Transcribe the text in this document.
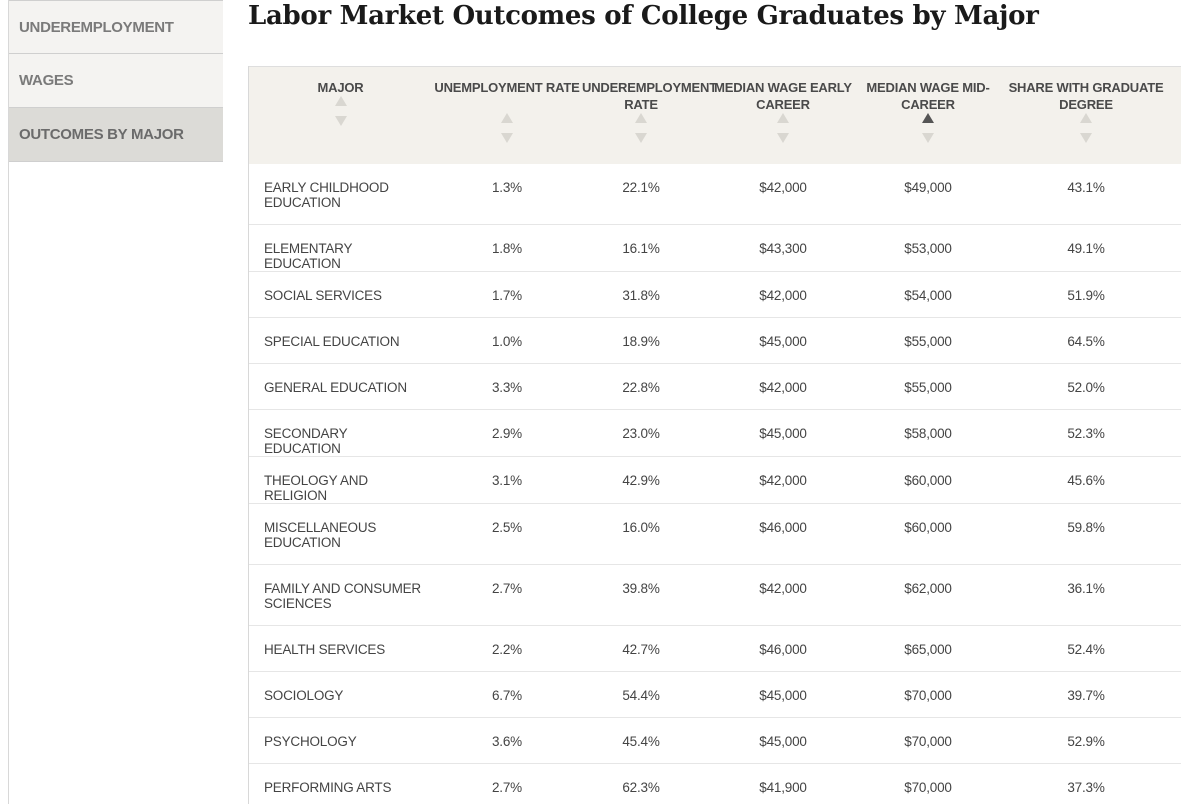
UNDEREMPLOYMENT
WAGES
OUTCOMES BY MAJOR
Labor Market Outcomes of College Graduates by Major
MAJOR	UNEMPLOYMENT RATE	UNDEREMPLOYMENT RATE	MEDIAN WAGE EARLY CAREER	MEDIAN WAGE MID-CAREER	SHARE WITH GRADUATE DEGREE

EARLY CHILDHOOD EDUCATION	1.3%	22.1%	$42,000	$49,000	43.1%
ELEMENTARY EDUCATION	1.8%	16.1%	$43,300	$53,000	49.1%
SOCIAL SERVICES	1.7%	31.8%	$42,000	$54,000	51.9%
SPECIAL EDUCATION	1.0%	18.9%	$45,000	$55,000	64.5%
GENERAL EDUCATION	3.3%	22.8%	$42,000	$55,000	52.0%
SECONDARY EDUCATION	2.9%	23.0%	$45,000	$58,000	52.3%
THEOLOGY AND RELIGION	3.1%	42.9%	$42,000	$60,000	45.6%
MISCELLANEOUS EDUCATION	2.5%	16.0%	$46,000	$60,000	59.8%
FAMILY AND CONSUMER SCIENCES	2.7%	39.8%	$42,000	$62,000	36.1%
HEALTH SERVICES	2.2%	42.7%	$46,000	$65,000	52.4%
SOCIOLOGY	6.7%	54.4%	$45,000	$70,000	39.7%
PSYCHOLOGY	3.6%	45.4%	$45,000	$70,000	52.9%
PERFORMING ARTS	2.7%	62.3%	$41,900	$70,000	37.3%
